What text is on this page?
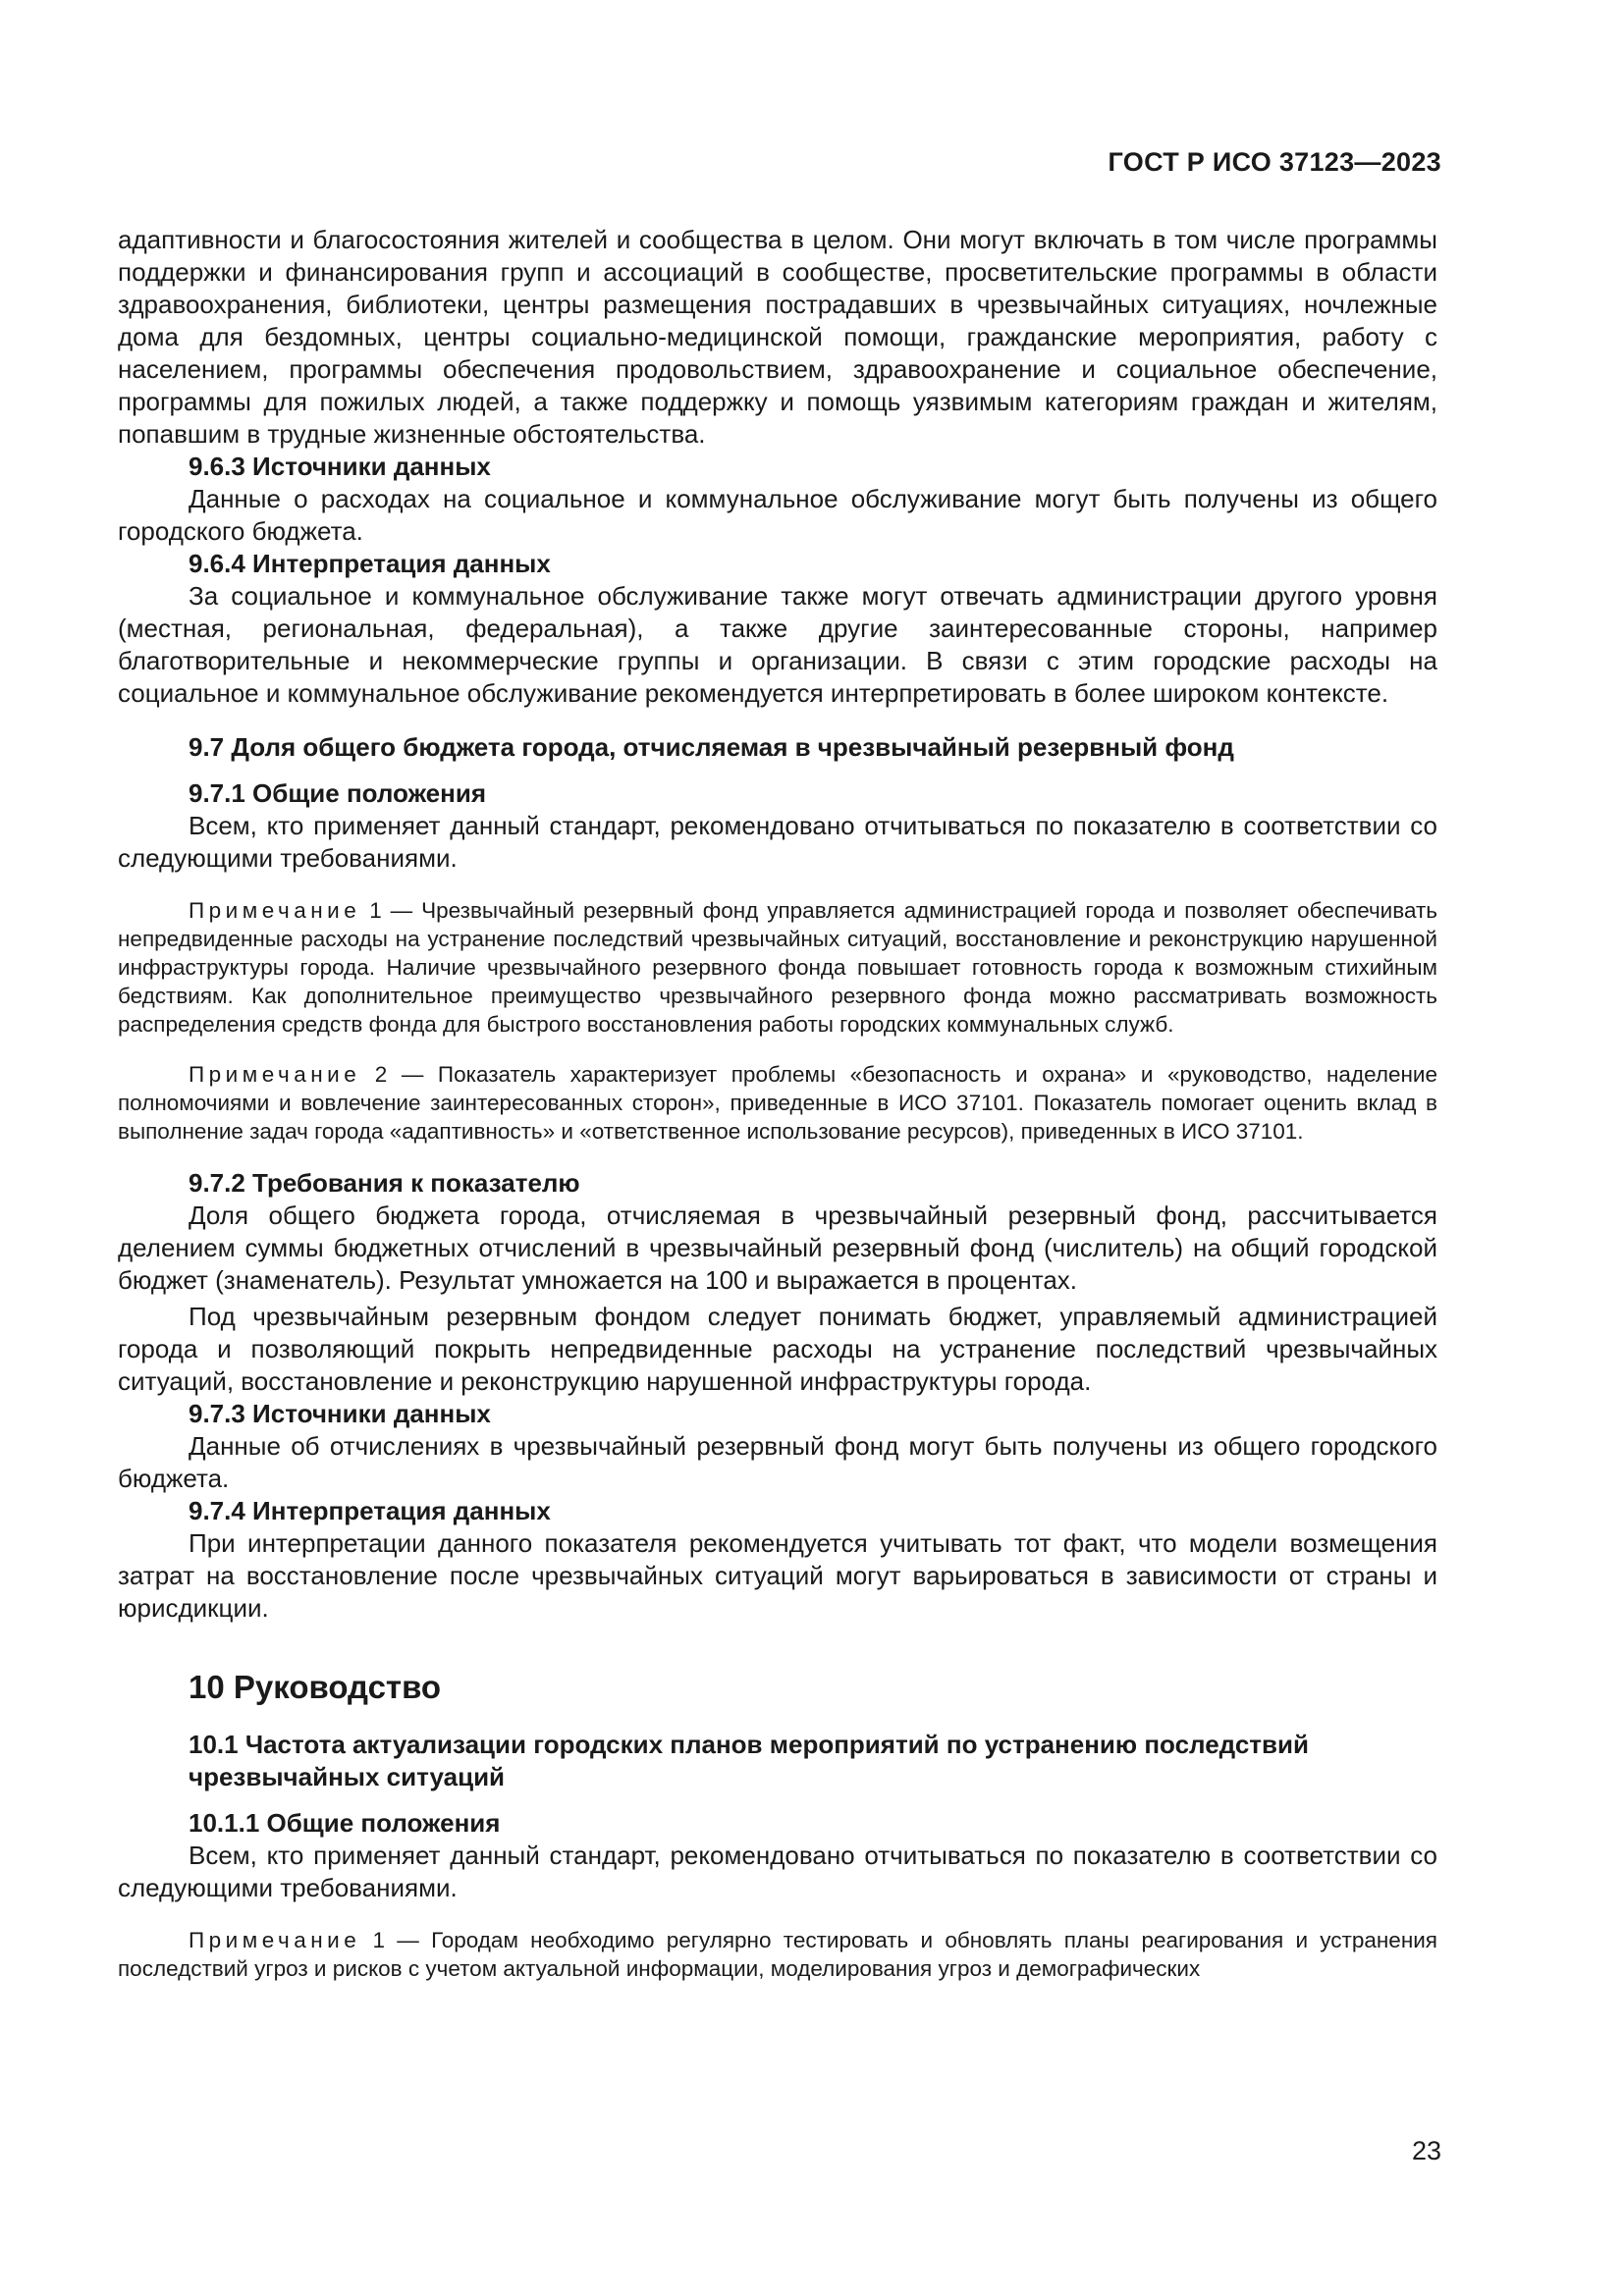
ГОСТ Р ИСО 37123—2023

адаптивности и благосостояния жителей и сообщества в целом. Они могут включать в том числе программы поддержки и финансирования групп и ассоциаций в сообществе, просветительские программы в области здравоохранения, библиотеки, центры размещения пострадавших в чрезвычайных ситуациях, ночлежные дома для бездомных, центры социально-медицинской помощи, гражданские мероприятия, работу с населением, программы обеспечения продовольствием, здравоохранение и социальное обеспечение, программы для пожилых людей, а также поддержку и помощь уязвимым категориям граждан и жителям, попавшим в трудные жизненные обстоятельства.

9.6.3 Источники данных

Данные о расходах на социальное и коммунальное обслуживание могут быть получены из общего городского бюджета.

9.6.4 Интерпретация данных

За социальное и коммунальное обслуживание также могут отвечать администрации другого уровня (местная, региональная, федеральная), а также другие заинтересованные стороны, например благотворительные и некоммерческие группы и организации. В связи с этим городские расходы на социальное и коммунальное обслуживание рекомендуется интерпретировать в более широком контексте.

9.7 Доля общего бюджета города, отчисляемая в чрезвычайный резервный фонд
9.7.1 Общие положения

Всем, кто применяет данный стандарт, рекомендовано отчитываться по показателю в соответствии со следующими требованиями.

Примечание 1 — Чрезвычайный резервный фонд управляется администрацией города и позволяет обеспечивать непредвиденные расходы на устранение последствий чрезвычайных ситуаций, восстановление и реконструкцию нарушенной инфраструктуры города. Наличие чрезвычайного резервного фонда повышает готовность города к возможным стихийным бедствиям. Как дополнительное преимущество чрезвычайного резервного фонда можно рассматривать возможность распределения средств фонда для быстрого восстановления работы городских коммунальных служб.

Примечание 2 — Показатель характеризует проблемы «безопасность и охрана» и «руководство, наделение полномочиями и вовлечение заинтересованных сторон», приведенные в ИСО 37101. Показатель помогает оценить вклад в выполнение задач города «адаптивность» и «ответственное использование ресурсов), приведенных в ИСО 37101.

9.7.2 Требования к показателю

Доля общего бюджета города, отчисляемая в чрезвычайный резервный фонд, рассчитывается делением суммы бюджетных отчислений в чрезвычайный резервный фонд (числитель) на общий городской бюджет (знаменатель). Результат умножается на 100 и выражается в процентах.

Под чрезвычайным резервным фондом следует понимать бюджет, управляемый администрацией города и позволяющий покрыть непредвиденные расходы на устранение последствий чрезвычайных ситуаций, восстановление и реконструкцию нарушенной инфраструктуры города.

9.7.3 Источники данных

Данные об отчислениях в чрезвычайный резервный фонд могут быть получены из общего городского бюджета.

9.7.4 Интерпретация данных

При интерпретации данного показателя рекомендуется учитывать тот факт, что модели возмещения затрат на восстановление после чрезвычайных ситуаций могут варьироваться в зависимости от страны и юрисдикции.

10 Руководство
10.1 Частота актуализации городских планов мероприятий по устранению последствий чрезвычайных ситуаций
10.1.1 Общие положения

Всем, кто применяет данный стандарт, рекомендовано отчитываться по показателю в соответствии со следующими требованиями.

Примечание 1 — Городам необходимо регулярно тестировать и обновлять планы реагирования и устранения последствий угроз и рисков с учетом актуальной информации, моделирования угроз и демографических

23
